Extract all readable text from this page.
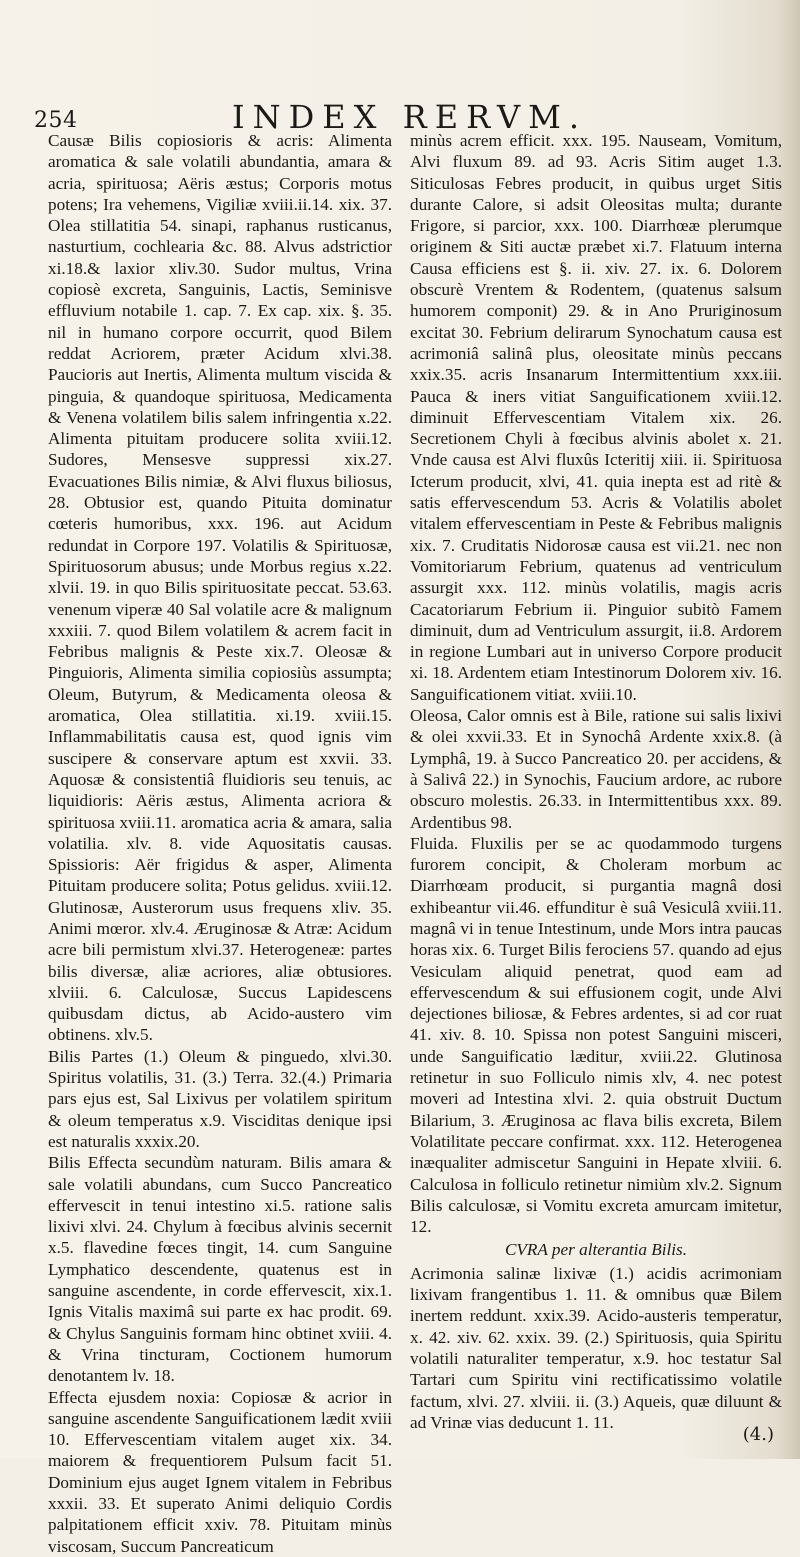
254	INDEX RERVM.

Causæ Bilis copiosioris & acris: Alimenta aromatica & sale volatili abundantia, amara & acria, spirituosa; Aëris æstus; Corporis motus potens; Ira vehemens, Vigiliæ xviii.ii.14. xix. 37. Olea stillatitia 54. sinapi, raphanus rusticanus, nasturtium, cochlearia &c. 88. Alvus adstrictior xi.18.& laxior xliv.30. Sudor multus, Vrina copiosè excreta, Sanguinis, Lactis, Seminisve effluvium notabile 1. cap. 7. Ex cap. xix. §. 35. nil in humano corpore occurrit, quod Bilem reddat Acriorem, præter Acidum xlvi.38. Paucioris aut Inertis, Alimenta multum viscida & pinguia, & quandoque spirituosa, Medicamenta & Venena volatilem bilis salem infringentia x.22. Alimenta pituitam producere solita xviii.12. Sudores, Mensesve suppressi xix.27. Evacuationes Bilis nimiæ, & Alvi fluxus biliosus, 28. Obtusior est, quando Pituita dominatur cœteris humoribus, xxx. 196. aut Acidum redundat in Corpore 197. Volatilis & Spirituosæ, Spirituosorum abusus; unde Morbus regius x.22. xlvii. 19. in quo Bilis spirituositate peccat. 53.63. venenum viperæ 40 Sal volatile acre & malignum xxxiii. 7. quod Bilem volatilem & acrem facit in Febribus malignis & Peste xix.7. Oleosæ & Pinguioris, Alimenta similia copiosiùs assumpta; Oleum, Butyrum, & Medicamenta oleosa & aromatica, Olea stillatitia. xi.19. xviii.15. Inflammabilitatis causa est, quod ignis vim suscipere & conservare aptum est xxvii. 33. Aquosæ & consistentiâ fluidioris seu tenuis, ac liquidioris: Aëris æstus, Alimenta acriora & spirituosa xviii.11. aromatica acria & amara, salia volatilia. xlv. 8. vide Aquositatis causas. Spissioris: Aër frigidus & asper, Alimenta Pituitam producere solita; Potus gelidus. xviii.12. Glutinosæ, Austerorum usus frequens xliv. 35. Animi mœror. xlv.4. Æruginosæ & Atræ: Acidum acre bili permistum xlvi.37. Heterogeneæ: partes bilis diversæ, aliæ acriores, aliæ obtusiores. xlviii. 6. Calculosæ, Succus Lapidescens quibusdam dictus, ab Acido-austero vim obtinens. xlv.5.

Bilis Partes (1.) Oleum & pinguedo, xlvi.30. Spiritus volatilis, 31. (3.) Terra. 32.(4.) Primaria pars ejus est, Sal Lixivus per volatilem spiritum & oleum temperatus x.9. Visciditas denique ipsi est naturalis xxxix.20.

Bilis Effecta secundùm naturam. Bilis amara & sale volatili abundans, cum Succo Pancreatico effervescit in tenui intestino xi.5. ratione salis lixivi xlvi. 24. Chylum à fœcibus alvinis secernit x.5. flavedine fœces tingit, 14. cum Sanguine Lymphatico descendente, quatenus est in sanguine ascendente, in corde effervescit, xix.1. Ignis Vitalis maximâ sui parte ex hac prodit. 69. & Chylus Sanguinis formam hinc obtinet xviii. 4. & Vrina tincturam, Coctionem humorum denotantem lv. 18.

Effecta ejusdem noxia: Copiosæ & acrior in sanguine ascendente Sanguificationem lædit xviii 10. Effervescentiam vitalem auget xix. 34. maiorem & frequentiorem Pulsum facit 51. Dominium ejus auget Ignem vitalem in Febribus xxxii. 33. Et superato Animi deliquio Cordis palpitationem efficit xxiv. 78. Pituitam minùs viscosam, Succum Pancreaticum

minùs acrem efficit. xxx. 195. Nauseam, Vomitum, Alvi fluxum 89. ad 93. Acris Sitim auget 1.3. Siticulosas Febres producit, in quibus urget Sitis durante Calore, si adsit Oleositas multa; durante Frigore, si parcior, xxx. 100. Diarrhœæ plerumque originem & Siti auctæ præbet xi.7. Flatuum interna Causa efficiens est §. ii. xiv. 27. ix. 6. Dolorem obscurè Vrentem & Rodentem, (quatenus salsum humorem componit) 29. & in Ano Pruriginosum excitat 30. Febrium delirarum Synochatum causa est acrimoniâ salinâ plus, oleositate minùs peccans xxix.35. acris Insanarum Intermittentium xxx.iii. Pauca & iners vitiat Sanguificationem xviii.12. diminuit Effervescentiam Vitalem xix. 26. Secretionem Chyli à fœcibus alvinis abolet x. 21. Vnde causa est Alvi fluxûs Icteritij xiii. ii. Spirituosa Icterum producit, xlvi, 41. quia inepta est ad ritè & satis effervescendum 53. Acris & Volatilis abolet vitalem effervescentiam in Peste & Febribus malignis xix. 7. Cruditatis Nidorosæ causa est vii.21. nec non Vomitoriarum Febrium, quatenus ad ventriculum assurgit xxx. 112. minùs volatilis, magis acris Cacatoriarum Febrium ii. Pinguior subitò Famem diminuit, dum ad Ventriculum assurgit, ii.8. Ardorem in regione Lumbari aut in universo Corpore producit xi. 18. Ardentem etiam Intestinorum Dolorem xiv. 16. Sanguificationem vitiat. xviii.10.

Oleosa, Calor omnis est à Bile, ratione sui salis lixivi & olei xxvii.33. Et in Synochâ Ardente xxix.8. (à Lymphâ, 19. à Succo Pancreatico 20. per accidens, & à Salivâ 22.) in Synochis, Faucium ardore, ac rubore obscuro molestis. 26.33. in Intermittentibus xxx. 89. Ardentibus 98.

Fluida. Fluxilis per se ac quodammodo turgens furorem concipit, & Choleram morbum ac Diarrhœam producit, si purgantia magnâ dosi exhibeantur vii.46. effunditur è suâ Vesiculâ xviii.11. magnâ vi in tenue Intestinum, unde Mors intra paucas horas xix. 6. Turget Bilis ferociens 57. quando ad ejus Vesiculam aliquid penetrat, quod eam ad effervescendum & sui effusionem cogit, unde Alvi dejectiones biliosæ, & Febres ardentes, si ad cor ruat 41. xiv. 8. 10. Spissa non potest Sanguini misceri, unde Sanguificatio læditur, xviii.22. Glutinosa retinetur in suo Folliculo nimis xlv, 4. nec potest moveri ad Intestina xlvi. 2. quia obstruit Ductum Bilarium, 3. Æruginosa ac flava bilis excreta, Bilem Volatilitate peccare confirmat. xxx. 112. Heterogenea inæqualiter admiscetur Sanguini in Hepate xlviii. 6. Calculosa in folliculo retinetur nimiùm xlv.2. Signum Bilis calculosæ, si Vomitu excreta amurcam imitetur, 12.

CVRA per alterantia Bilis.

Acrimonia salinæ lixivæ (1.) acidis acrimoniam lixivam frangentibus 1. 11. & omnibus quæ Bilem inertem reddunt. xxix.39. Acido-austeris temperatur, x. 42. xiv. 62. xxix. 39. (2.) Spirituosis, quia Spiritu volatili naturaliter temperatur, x.9. hoc testatur Sal Tartari cum Spiritu vini rectificatissimo volatile factum, xlvi. 27. xlviii. ii. (3.) Aqueis, quæ diluunt & ad Vrinæ vias deducunt 1. 11.

(4.)
